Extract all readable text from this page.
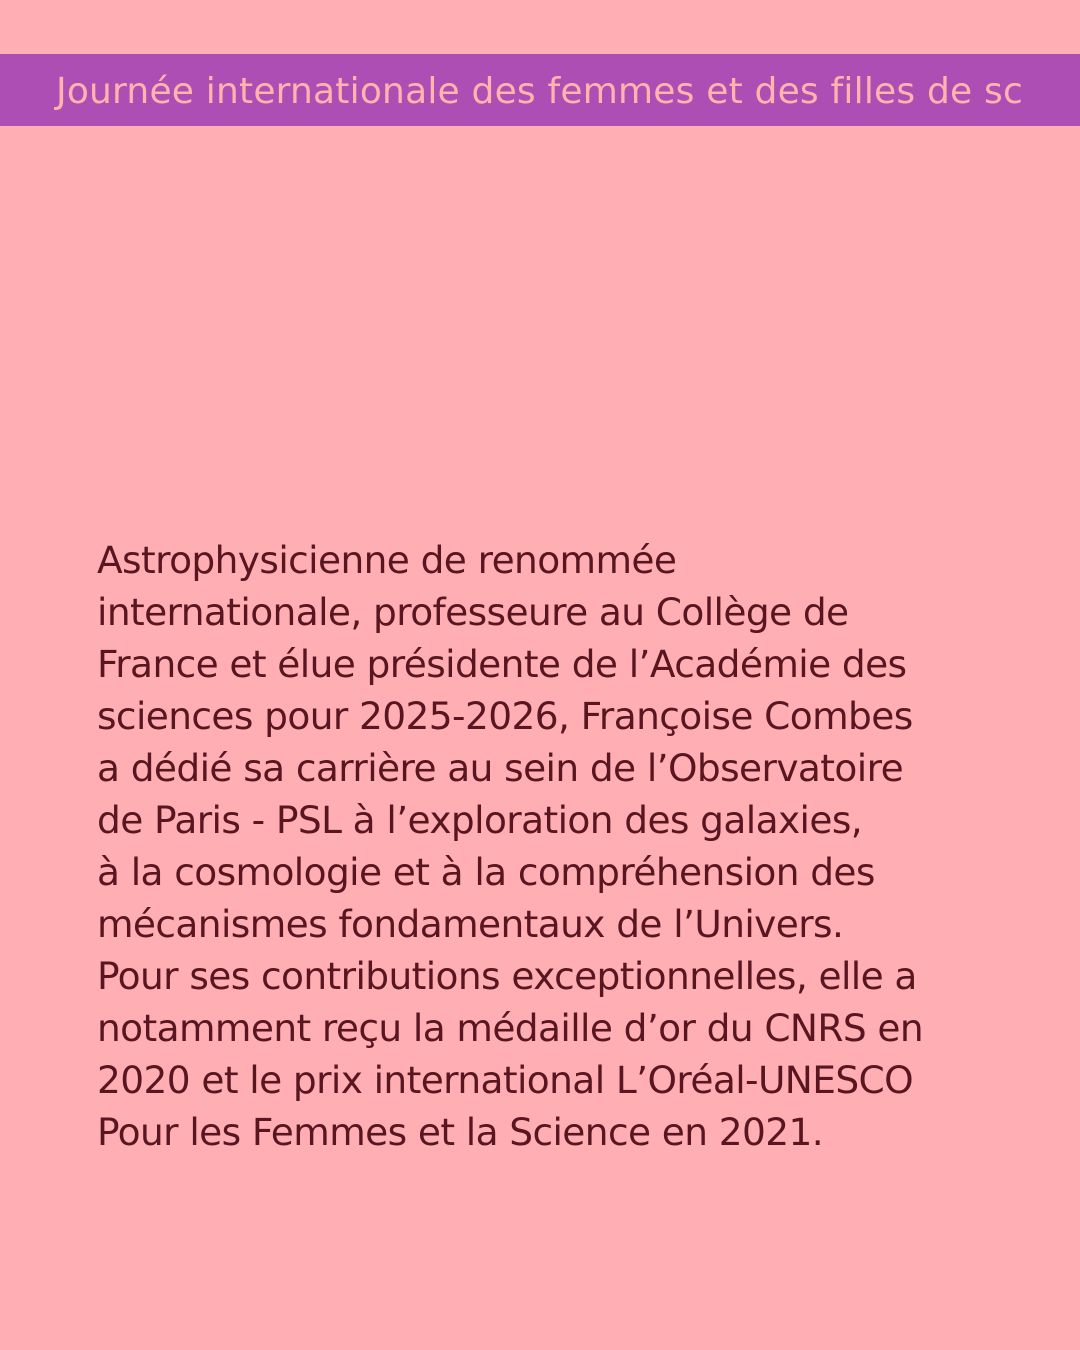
Journée internationale des femmes et des filles de sc

Astrophysicienne de renommée
internationale, professeure au Collège de
France et élue présidente de l’Académie des
sciences pour 2025-2026, Françoise Combes
a dédié sa carrière au sein de l’Observatoire
de Paris - PSL à l’exploration des galaxies,
à la cosmologie et à la compréhension des
mécanismes fondamentaux de l’Univers.
Pour ses contributions exceptionnelles, elle a
notamment reçu la médaille d’or du CNRS en
2020 et le prix international L’Oréal-UNESCO
Pour les Femmes et la Science en 2021.
